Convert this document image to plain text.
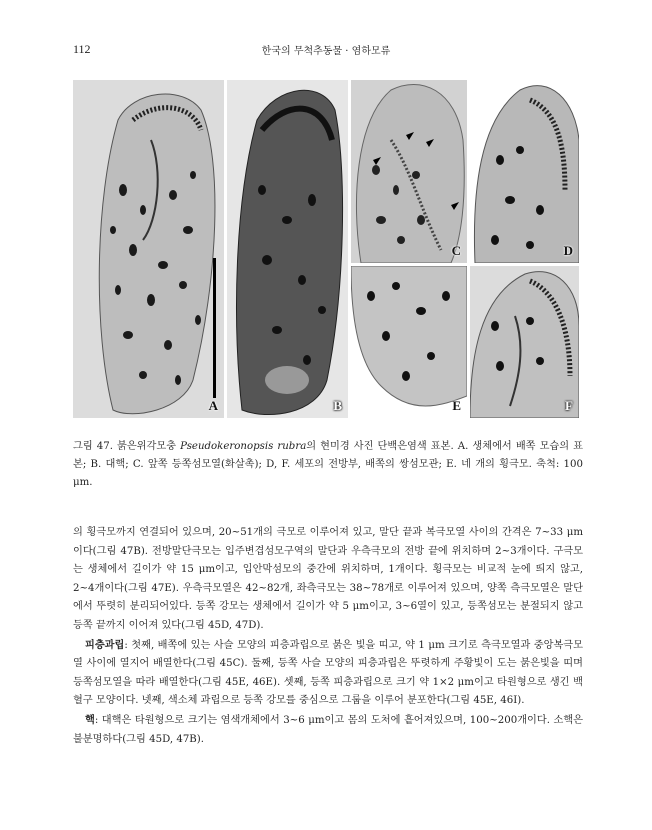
112	한국의 무척추동물 · 염하모류
A	B
C	D
E	F
그림 47. 붉은위각모충 Pseudokeronopsis rubra의 현미경 사진 단백은염색 표본. A. 생체에서 배쪽 모습의 표본; B. 대핵; C. 앞쪽 등쪽섬모열(화살촉); D, F. 세포의 전방부, 배쪽의 쌍섬모관; E. 네 개의 횡극모. 축척: 100 μm.

의 횡극모까지 연결되어 있으며, 20~51개의 극모로 이루어져 있고, 말단 끝과 복극모열 사이의 간격은 7~33 μm이다(그림 47B). 전방말단극모는 입주변겹섬모구역의 말단과 우측극모의 전방 끝에 위치하며 2~3개이다. 구극모는 생체에서 길이가 약 15 μm이고, 입안막섬모의 중간에 위치하며, 1개이다. 횡극모는 비교적 눈에 띄지 않고, 2~4개이다(그림 47E). 우측극모열은 42~82개, 좌측극모는 38~78개로 이루어져 있으며, 양쪽 측극모열은 말단에서 뚜렷히 분리되어있다. 등쪽 강모는 생체에서 길이가 약 5 μm이고, 3~6열이 있고, 등쪽섬모는 분절되지 않고 등쪽 끝까지 이어져 있다(그림 45D, 47D).

피층과립: 첫째, 배쪽에 있는 사슬 모양의 피층과립으로 붉은 빛을 띠고, 약 1 μm 크기로 측극모열과 중앙복극모열 사이에 열지어 배열한다(그림 45C). 둘째, 등쪽 사슬 모양의 피층과립은 뚜렷하게 주황빛이 도는 붉은빛을 띠며 등쪽섬모열을 따라 배열한다(그림 45E, 46E). 셋째, 등쪽 피층과립으로 크기 약 1×2 μm이고 타원형으로 생긴 백혈구 모양이다. 넷째, 색소체 과립으로 등쪽 강모를 중심으로 그룹을 이루어 분포한다(그림 45E, 46I).

핵: 대핵은 타원형으로 크기는 염색개체에서 3~6 μm이고 몸의 도처에 흩어져있으며, 100~200개이다. 소핵은 불분명하다(그림 45D, 47B).
